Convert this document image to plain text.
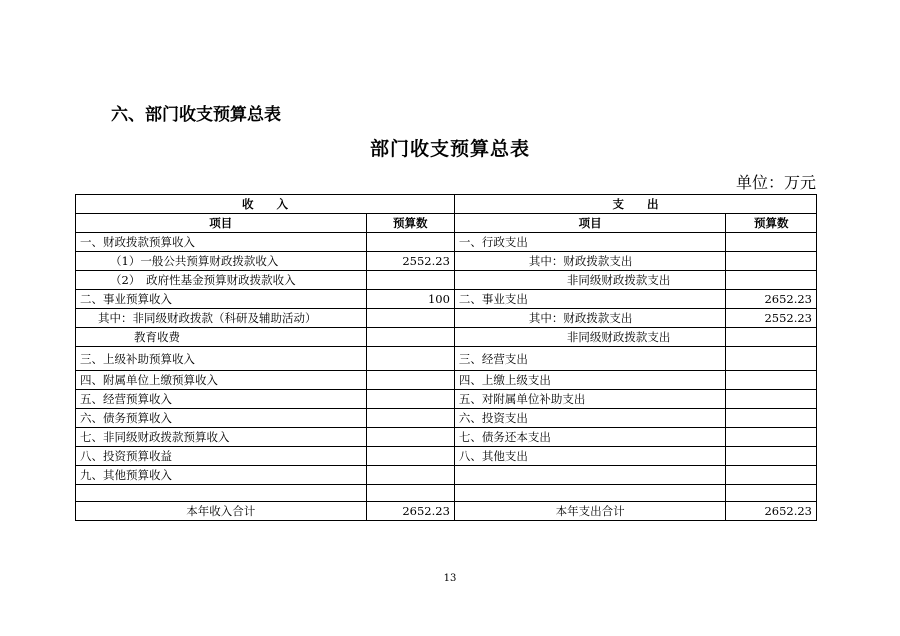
六、部门收支预算总表
部门收支预算总表
单位：万元
收　　入		支　　出	
项目	预算数	项目	预算数
一、财政拨款预算收入		一、行政支出	
（1）一般公共预算财政拨款收入	2552.23	其中：财政拨款支出	
（2）　政府性基金预算财政拨款收入		非同级财政拨款支出	
二、事业预算收入	100	二、事业支出	2652.23
其中：非同级财政拨款（科研及辅助活动）		其中：财政拨款支出	2552.23
教育收费		非同级财政拨款支出	
三、上级补助预算收入		三、经营支出	
四、附属单位上缴预算收入		四、上缴上级支出	
五、经营预算收入		五、对附属单位补助支出	
六、债务预算收入		六、投资支出	
七、非同级财政拨款预算收入		七、债务还本支出	
八、投资预算收益		八、其他支出	
九、其他预算收入			

本年收入合计	2652.23	本年支出合计	2652.23
13
